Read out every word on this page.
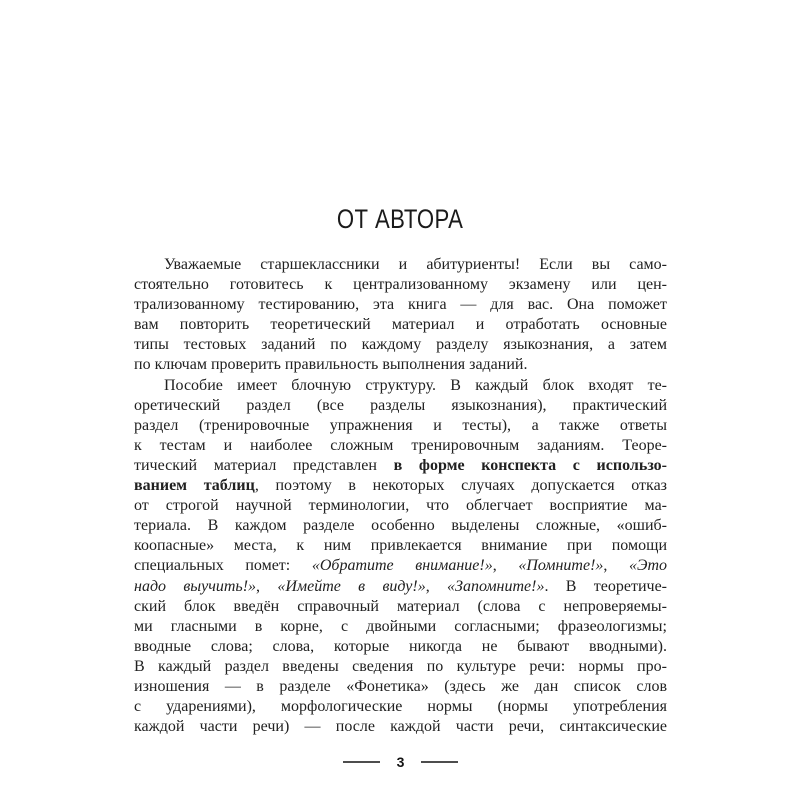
ОТ АВТОРА
Уважаемые старшеклассники и абитуриенты! Если вы само-
стоятельно готовитесь к централизованному экзамену или цен-
трализованному тестированию, эта книга — для вас. Она поможет
вам повторить теоретический материал и отработать основные
типы тестовых заданий по каждому разделу языкознания, а затем
по ключам проверить правильность выполнения заданий.
Пособие имеет блочную структуру. В каждый блок входят те-
оретический раздел (все разделы языкознания), практический
раздел (тренировочные упражнения и тесты), а также ответы
к тестам и наиболее сложным тренировочным заданиям. Теоре-
тический материал представлен в форме конспекта с использо-
ванием таблиц, поэтому в некоторых случаях допускается отказ
от строгой научной терминологии, что облегчает восприятие ма-
териала. В каждом разделе особенно выделены сложные, «ошиб-
коопасные» места, к ним привлекается внимание при помощи
специальных помет: «Обратите внимание!», «Помните!», «Это
надо выучить!», «Имейте в виду!», «Запомните!». В теоретиче-
ский блок введён справочный материал (слова с непроверяемы-
ми гласными в корне, с двойными согласными; фразеологизмы;
вводные слова; слова, которые никогда не бывают вводными).
В каждый раздел введены сведения по культуре речи: нормы про-
изношения — в разделе «Фонетика» (здесь же дан список слов
с ударениями), морфологические нормы (нормы употребления
каждой части речи) — после каждой части речи, синтаксические
3
